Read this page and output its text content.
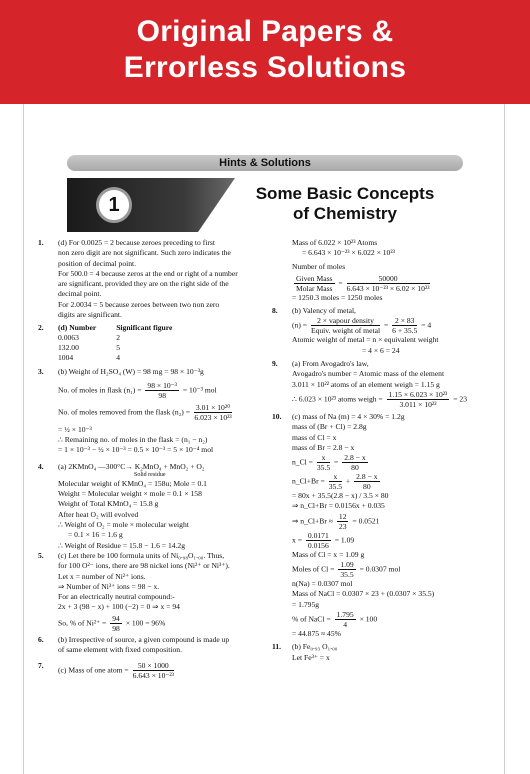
Original Papers &
Errorless Solutions
Hints & Solutions
1
Some Basic Concepts
of Chemistry
1.	(d) For 0.0025 = 2 because zeroes preceding to first

non zero digit are not significant. Such zero indicates the

position of decimal point.

For 500.0 = 4 because zeros at the end or right of a number

are significant, provided they are on the right side of the

decimal point.

For 2.0034 = 5 because zeroes between two non zero

digits are significant.

2. (d) Number	Significant figure
0.0063	2
132.00	5
1004	4
3.	(b) Weight of H₂SO₄ (W) = 98 mg = 98 × 10⁻³g

No. of moles in flask $(n_1) = \frac{\text{98 × 10⁻³}}{98} = 10^{-3}$ mol

No. of moles removed from the flask $(n_2) = \frac{\text{3.01 × 10²⁰}}{\text{6.023 × 10²³}}$

= ½ × 10⁻³

∴ Remaining no. of moles in the flask = (n₁ − n₂)

= 1 × 10⁻³ − ½ × 10⁻³ = 0.5 × 10⁻³ = 5 × 10⁻⁴ mol

4.	(a) 2KMnO₄ —300°C→ K₂MnO₄ + MnO₂ + O₂

Solid residue

Molecular weight of KMnO₄ = 158u; Mole = 0.1

Weight = Molecular weight × mole = 0.1 × 158

Weight of Total KMnO₄ = 15.8 g

After heat O₂ will evolved

∴ Weight of O₂ = mole × molecular weight

= 0.1 × 16 = 1.6 g

∴ Weight of Residue = 15.8 − 1.6 = 14.2g

5.	(c) Let there be 100 formula units of Ni₀.₉₈O₁.₀₀. Thus,

for 100 O²⁻ ions, there are 98 nickel ions (Ni²⁺ or Ni³⁺).

Let x = number of Ni²⁺ ions.

⇒ Number of Ni³⁺ ions = 98 − x.

For an electrically neutral compound:-

2x + 3 (98 − x) + 100 (−2) = 0 ⇒ x = 94

So, % of $Ni^{2+} = \frac{94}{98} \times 100 = 96\%$

6.	(b) Irrespective of source, a given compound is made up

of same element with fixed composition.

7.	(c) Mass of one atom = $\frac{50 \times 1000}{\text{6.643 × 10⁻²³}}$

Mass of 6.022 × 10²³ Atoms

= 6.643 × 10⁻²³ × 6.022 × 10²³

Number of moles

$\frac{\text{Given Mass}}{\text{Molar Mass}} = \frac{50000}{\text{6.643 × 10⁻²³ × 6.02 × 10²³}}$

= 1250.3 moles = 1250 moles

8.	(b) Valency of metal,

$(n) = \frac{\text{2 × vapour density}}{\text{Equiv. weight of metal}} = \frac{2 \times 83}{6 + 35.5} = 4$

Atomic weight of metal = n × equivalent weight

= 4 × 6 = 24

9.	(a) From Avogadro's law,

Avogadro's number = Atomic mass of the element

3.011 × 10²² atoms of an element weigh = 1.15 g

∴ 6.023 × 10²³ atoms weigh = $\frac{\text{1.15 × 6.023 × 10²³}}{\text{3.011 × 10²²}} = 23$

10.	(c) mass of Na (m) = 4 × 30% = 1.2g

mass of (Br + Cl) = 2.8g

mass of Cl = x

mass of Br = 2.8 − x

n_Cl = $\frac{x}{35.5} = \frac{2.8 - x}{80}$

n_Cl+Br = $\frac{x}{35.5} + \frac{2.8 - x}{80}$

= 80x + 35.5(2.8 − x) / 3.5 × 80

⇒ n_Cl+Br = 0.0156x + 0.035

⇒ n_Cl+Br ≈ $\frac{12}{23} = 0.0521$

$x = \frac{0.0171}{0.0156} = 1.09$

Mass of Cl = x = 1.09 g

Moles of $Cl = \frac{1.09}{35.5} = 0.0307$ mol

n(Na) = 0.0307 mol

Mass of NaCl = 0.0307 × 23 + (0.0307 × 35.5)

= 1.795g

% of NaCl = $\frac{1.795}{4} \times 100$

= 44.875 ≈ 45%

11.	(b) Fe₀.₉₃ O₁.₀₀

Let Fe³⁺ = x
